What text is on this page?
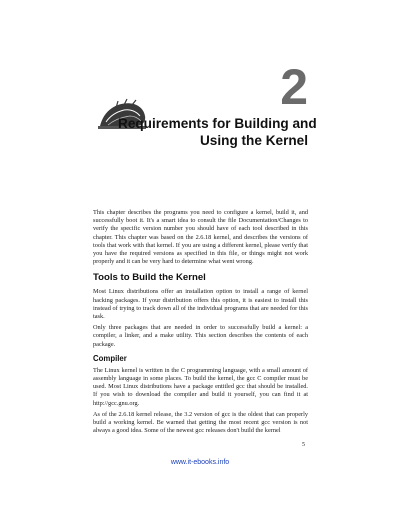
2
Requirements for Building and
Using the Kernel

This chapter describes the programs you need to configure a kernel, build it, and successfully boot it. It's a smart idea to consult the file Documentation/Changes to verify the specific version number you should have of each tool described in this chapter. This chapter was based on the 2.6.18 kernel, and describes the versions of tools that work with that kernel. If you are using a different kernel, please verify that you have the required versions as specified in this file, or things might not work properly and it can be very hard to determine what went wrong.

Tools to Build the Kernel

Most Linux distributions offer an installation option to install a range of kernel hacking packages. If your distribution offers this option, it is easiest to install this instead of trying to track down all of the individual programs that are needed for this task.

Only three packages that are needed in order to successfully build a kernel: a compiler, a linker, and a make utility. This section describes the contents of each package.

Compiler

The Linux kernel is written in the C programming language, with a small amount of assembly language in some places. To build the kernel, the gcc C compiler must be used. Most Linux distributions have a package entitled gcc that should be installed. If you wish to download the compiler and build it yourself, you can find it at http://gcc.gnu.org.

As of the 2.6.18 kernel release, the 3.2 version of gcc is the oldest that can properly build a working kernel. Be warned that getting the most recent gcc version is not always a good idea. Some of the newest gcc releases don't build the kernel

5
www.it-ebooks.info
